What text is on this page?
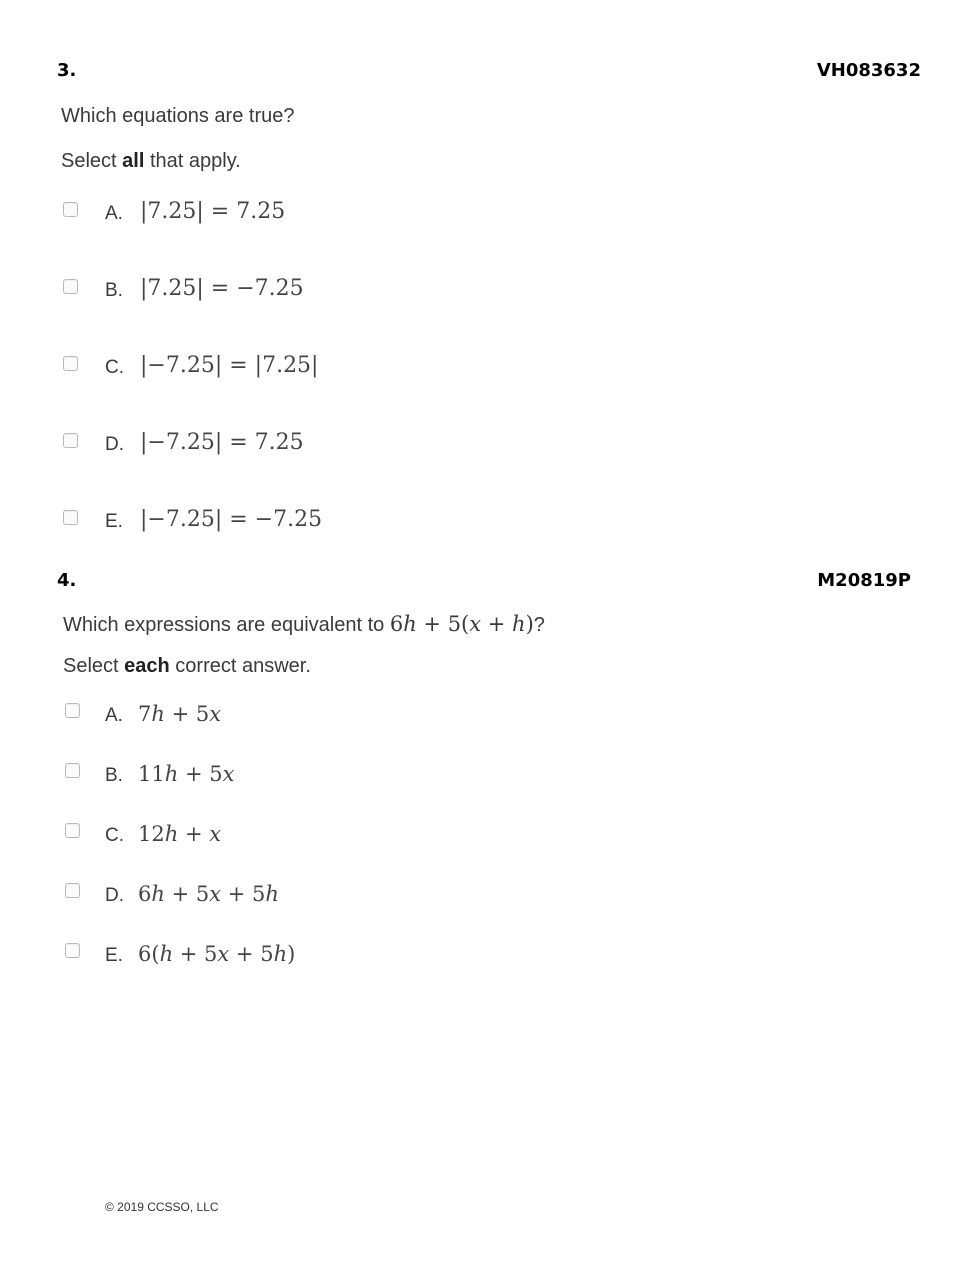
3.	VH083632
Which equations are true?
Select all that apply.
A. |7.25| = 7.25
B. |7.25| = −7.25
C. |−7.25| = |7.25|
D. |−7.25| = 7.25
E. |−7.25| = −7.25
4.	M20819P
Which expressions are equivalent to 6h + 5(x + h)?
Select each correct answer.
A. 7h + 5x
B. 11h + 5x
C. 12h + x
D. 6h + 5x + 5h
E. 6(h + 5x + 5h)
© 2019 CCSSO, LLC
